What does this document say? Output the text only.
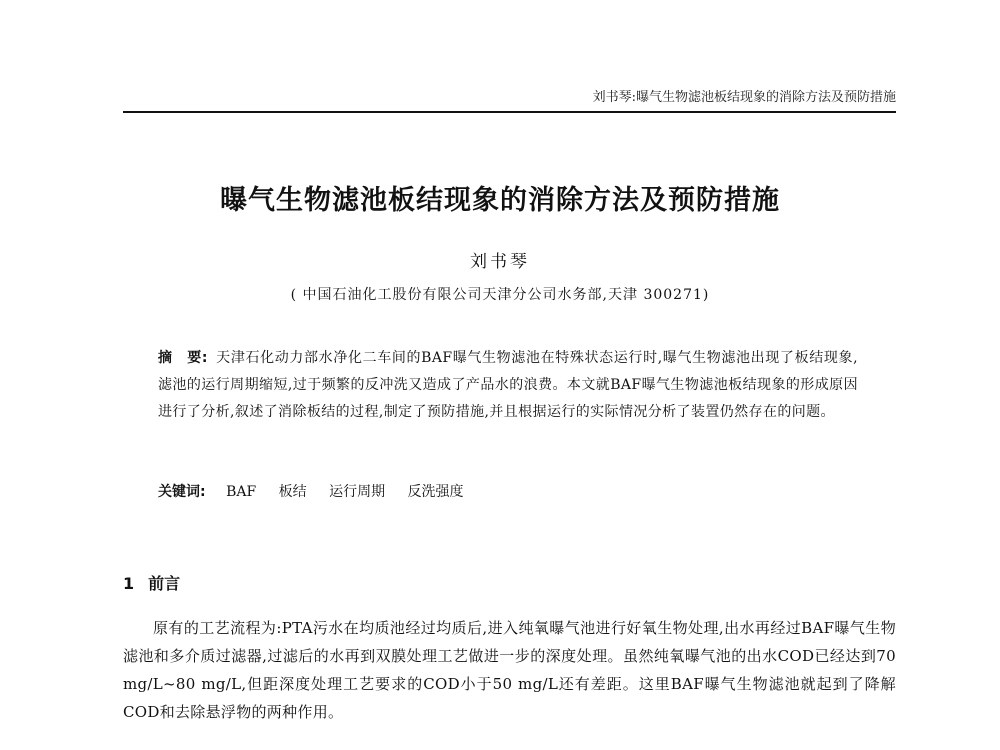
刘书琴:曝气生物滤池板结现象的消除方法及预防措施
曝气生物滤池板结现象的消除方法及预防措施
刘书琴
( 中国石油化工股份有限公司天津分公司水务部,天津 300271)
摘　要: 天津石化动力部水净化二车间的BAF曝气生物滤池在特殊状态运行时,曝气生物滤池出现了板结现象,滤池的运行周期缩短,过于频繁的反冲洗又造成了产品水的浪费。本文就BAF曝气生物滤池板结现象的形成原因进行了分析,叙述了消除板结的过程,制定了预防措施,并且根据运行的实际情况分析了装置仍然存在的问题。
关键词: BAF 板结 运行周期 反洗强度
1 前言
原有的工艺流程为:PTA污水在均质池经过均质后,进入纯氧曝气池进行好氧生物处理,出水再经过BAF曝气生物滤池和多介质过滤器,过滤后的水再到双膜处理工艺做进一步的深度处理。虽然纯氧曝气池的出水COD已经达到70 mg/L~80 mg/L,但距深度处理工艺要求的COD小于50 mg/L还有差距。这里BAF曝气生物滤池就起到了降解COD和去除悬浮物的两种作用。
